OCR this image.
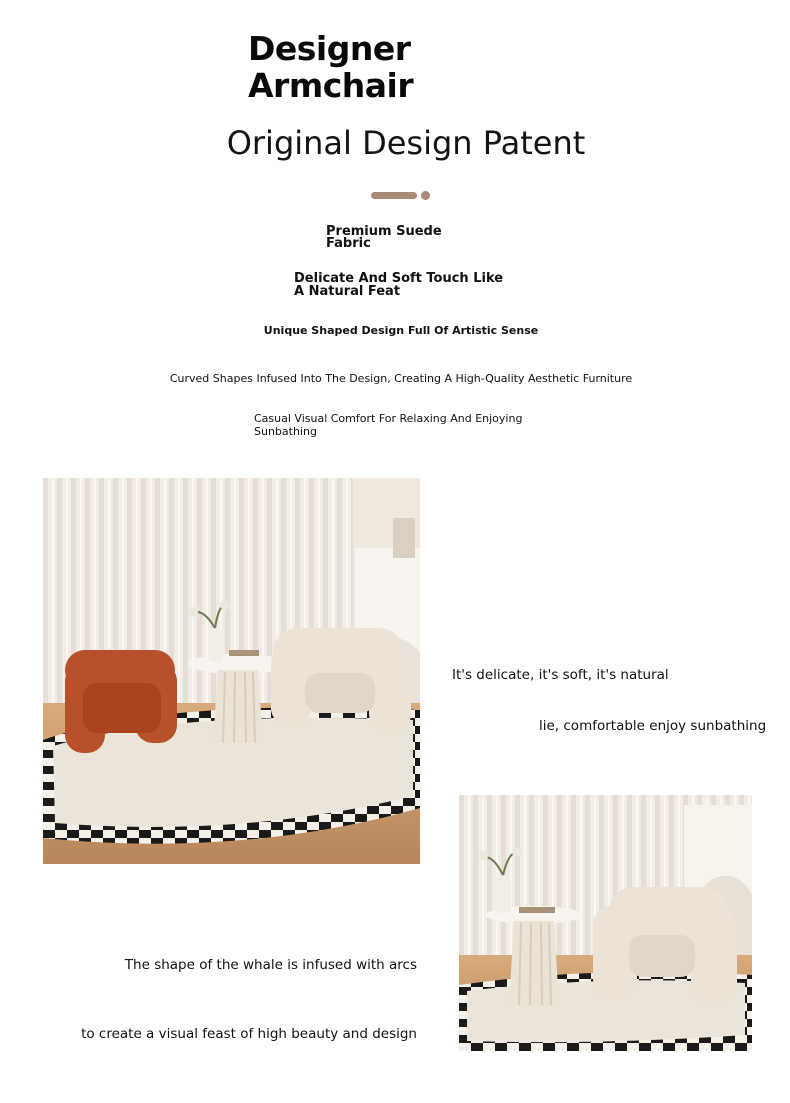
Designer
Armchair
Original Design Patent
Premium Suede
Fabric
Delicate And Soft Touch Like
A Natural Feat
Unique Shaped Design Full Of Artistic Sense
Curved Shapes Infused Into The Design, Creating A High-Quality Aesthetic Furniture
Casual Visual Comfort For Relaxing And Enjoying
Sunbathing
It's delicate, it's soft, it's natural
lie, comfortable enjoy sunbathing
The shape of the whale is infused with arcs
to create a visual feast of high beauty and design
